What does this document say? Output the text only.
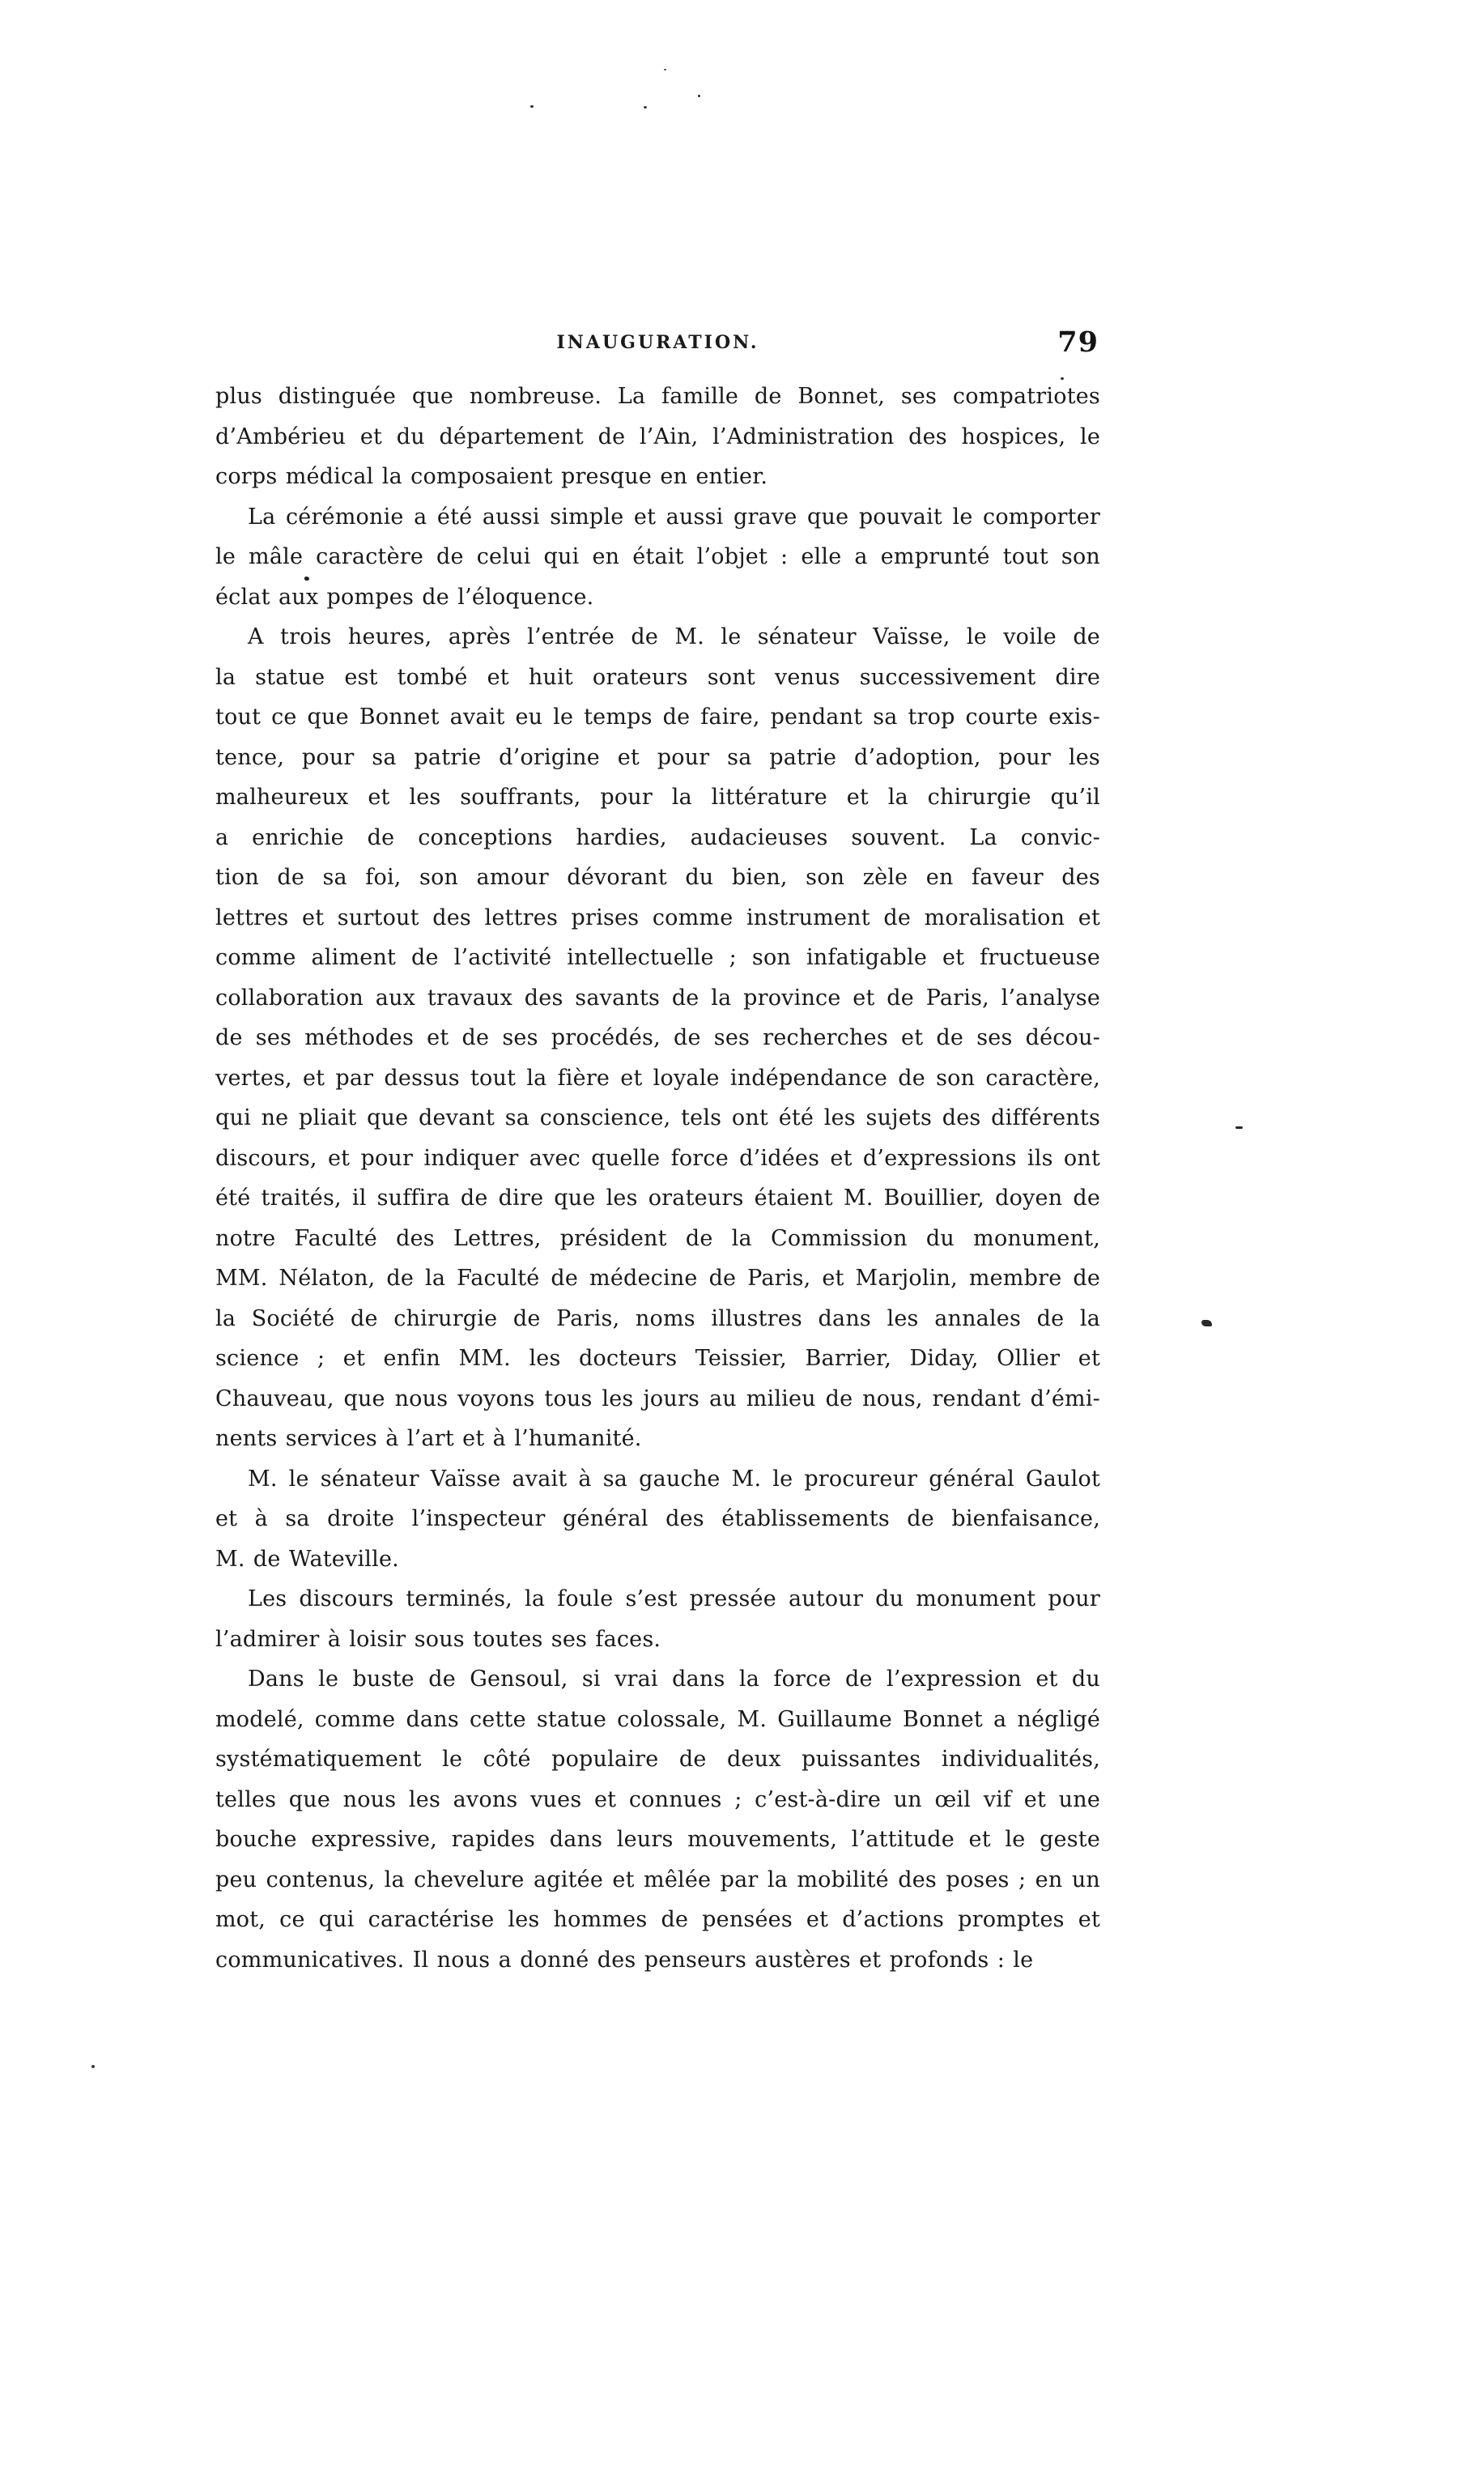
INAUGURATION.	79
plus distinguée que nombreuse. La famille de Bonnet, ses compatriotes
d’Ambérieu et du département de l’Ain, l’Administration des hospices, le
corps médical la composaient presque en entier.
La cérémonie a été aussi simple et aussi grave que pouvait le comporter
le mâle caractère de celui qui en était l’objet : elle a emprunté tout son
éclat aux pompes de l’éloquence.
A trois heures, après l’entrée de M. le sénateur Vaïsse, le voile de
la statue est tombé et huit orateurs sont venus successivement dire
tout ce que Bonnet avait eu le temps de faire, pendant sa trop courte exis-
tence, pour sa patrie d’origine et pour sa patrie d’adoption, pour les
malheureux et les souffrants, pour la littérature et la chirurgie qu’il
a enrichie de conceptions hardies, audacieuses souvent. La convic-
tion de sa foi, son amour dévorant du bien, son zèle en faveur des
lettres et surtout des lettres prises comme instrument de moralisation et
comme aliment de l’activité intellectuelle ; son infatigable et fructueuse
collaboration aux travaux des savants de la province et de Paris, l’analyse
de ses méthodes et de ses procédés, de ses recherches et de ses décou-
vertes, et par dessus tout la fière et loyale indépendance de son caractère,
qui ne pliait que devant sa conscience, tels ont été les sujets des différents
discours, et pour indiquer avec quelle force d’idées et d’expressions ils ont
été traités, il suffira de dire que les orateurs étaient M. Bouillier, doyen de
notre Faculté des Lettres, président de la Commission du monument,
MM. Nélaton, de la Faculté de médecine de Paris, et Marjolin, membre de
la Société de chirurgie de Paris, noms illustres dans les annales de la
science ; et enfin MM. les docteurs Teissier, Barrier, Diday, Ollier et
Chauveau, que nous voyons tous les jours au milieu de nous, rendant d’émi-
nents services à l’art et à l’humanité.
M. le sénateur Vaïsse avait à sa gauche M. le procureur général Gaulot
et à sa droite l’inspecteur général des établissements de bienfaisance,
M. de Wateville.
Les discours terminés, la foule s’est pressée autour du monument pour
l’admirer à loisir sous toutes ses faces.
Dans le buste de Gensoul, si vrai dans la force de l’expression et du
modelé, comme dans cette statue colossale, M. Guillaume Bonnet a négligé
systématiquement le côté populaire de deux puissantes individualités,
telles que nous les avons vues et connues ; c’est-à-dire un œil vif et une
bouche expressive, rapides dans leurs mouvements, l’attitude et le geste
peu contenus, la chevelure agitée et mêlée par la mobilité des poses ; en un
mot, ce qui caractérise les hommes de pensées et d’actions promptes et
communicatives. Il nous a donné des penseurs austères et profonds : le
